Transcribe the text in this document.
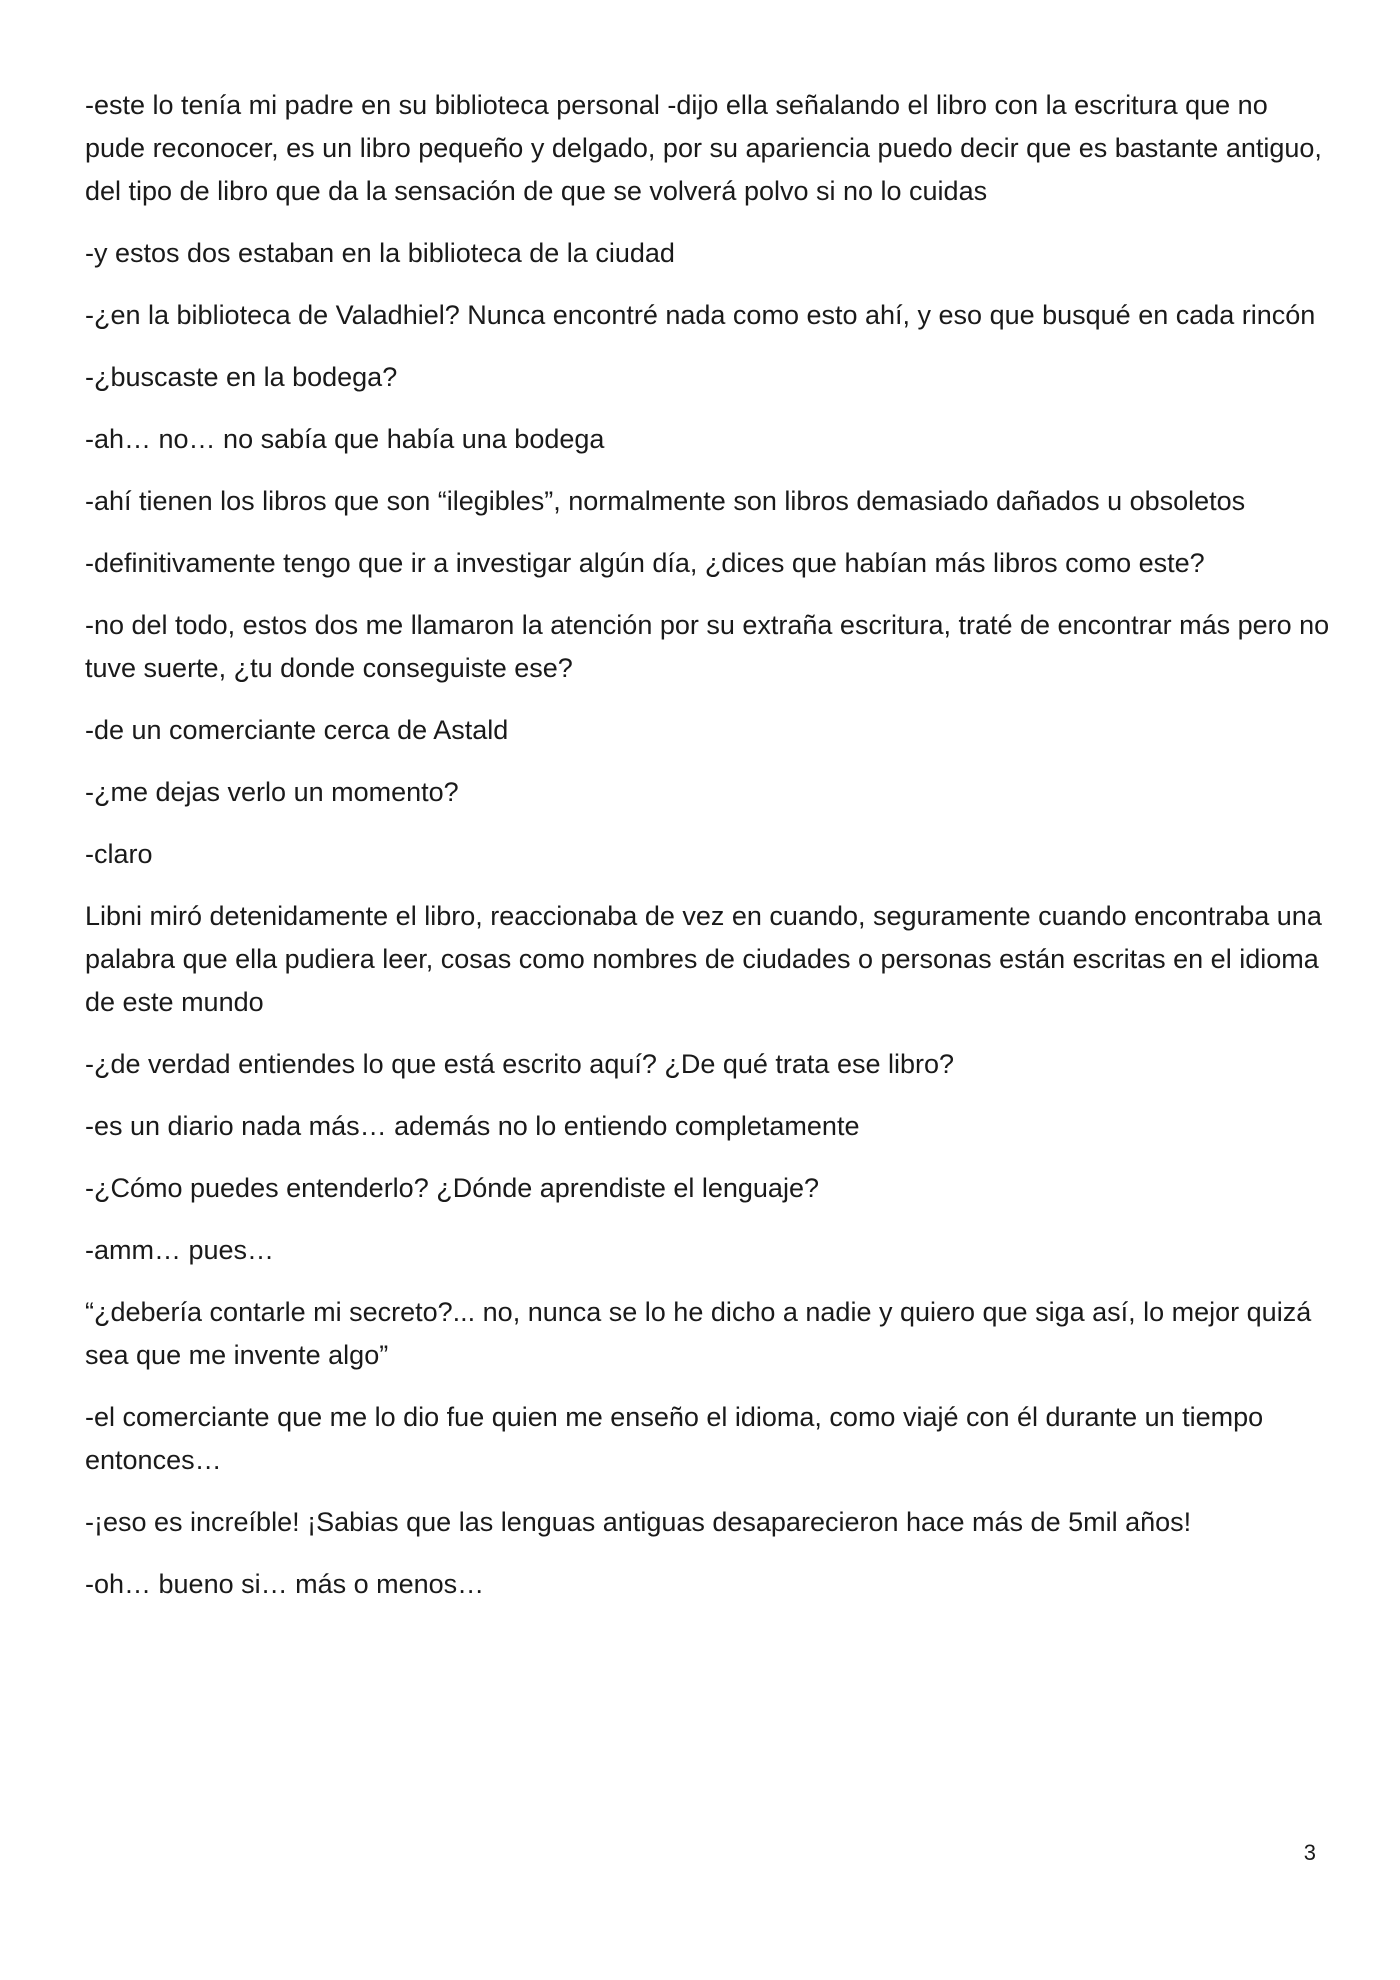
-este lo tenía mi padre en su biblioteca personal -dijo ella señalando el libro con la escritura que no pude reconocer, es un libro pequeño y delgado, por su apariencia puedo decir que es bastante antiguo, del tipo de libro que da la sensación de que se volverá polvo si no lo cuidas

-y estos dos estaban en la biblioteca de la ciudad

-¿en la biblioteca de Valadhiel? Nunca encontré nada como esto ahí, y eso que busqué en cada rincón

-¿buscaste en la bodega?

-ah… no… no sabía que había una bodega

-ahí tienen los libros que son “ilegibles”, normalmente son libros demasiado dañados u obsoletos

-definitivamente tengo que ir a investigar algún día, ¿dices que habían más libros como este?

-no del todo, estos dos me llamaron la atención por su extraña escritura, traté de encontrar más pero no tuve suerte, ¿tu donde conseguiste ese?

-de un comerciante cerca de Astald

-¿me dejas verlo un momento?

-claro

Libni miró detenidamente el libro, reaccionaba de vez en cuando, seguramente cuando encontraba una palabra que ella pudiera leer, cosas como nombres de ciudades o personas están escritas en el idioma de este mundo

-¿de verdad entiendes lo que está escrito aquí? ¿De qué trata ese libro?

-es un diario nada más… además no lo entiendo completamente

-¿Cómo puedes entenderlo? ¿Dónde aprendiste el lenguaje?

-amm… pues…

“¿debería contarle mi secreto?... no, nunca se lo he dicho a nadie y quiero que siga así, lo mejor quizá sea que me invente algo”

-el comerciante que me lo dio fue quien me enseño el idioma, como viajé con él durante un tiempo entonces…

-¡eso es increíble! ¡Sabias que las lenguas antiguas desaparecieron hace más de 5mil años!

-oh… bueno si… más o menos…

3
